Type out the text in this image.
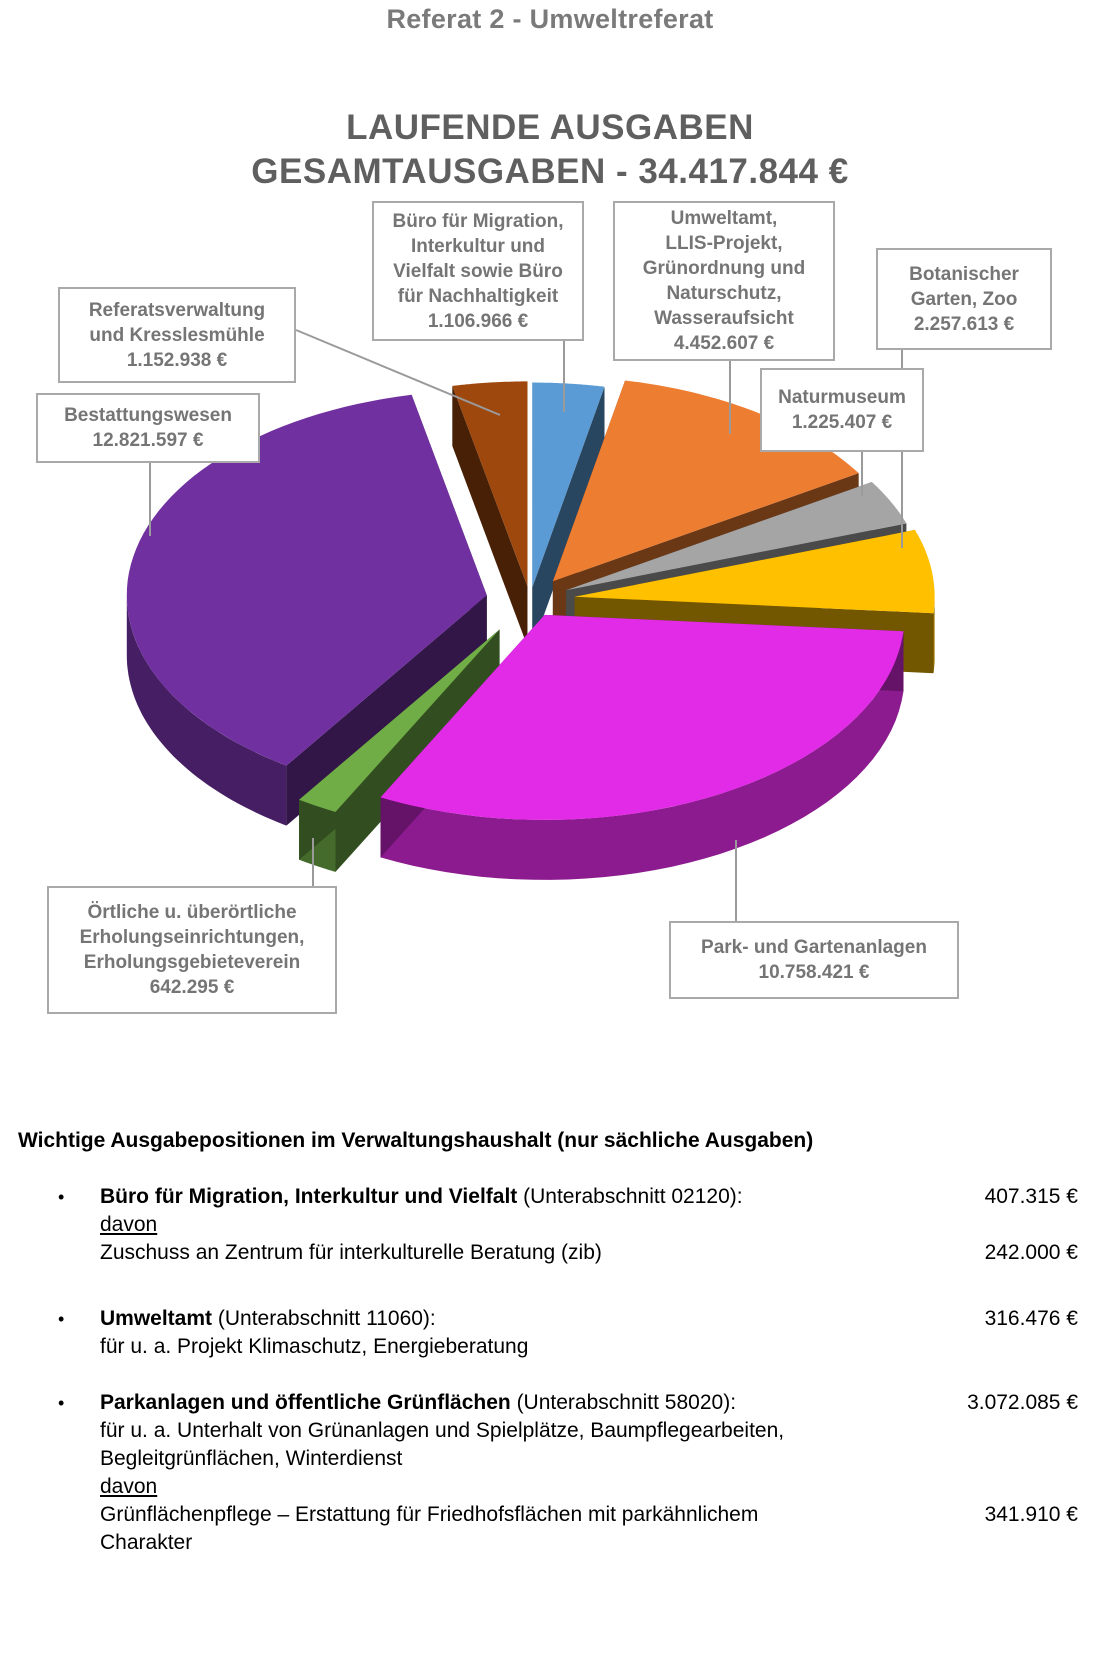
Referat 2 - Umweltreferat
LAUFENDE AUSGABEN
GESAMTAUSGABEN - 34.417.844 €
Büro für Migration,
Interkultur und
Vielfalt sowie Büro
für Nachhaltigkeit
1.106.966 €
Umweltamt,
LLIS-Projekt,
Grünordnung und
Naturschutz,
Wasseraufsicht
4.452.607 €
Naturmuseum
1.225.407 €
Botanischer
Garten, Zoo
2.257.613 €
Park- und Gartenanlagen
10.758.421 €
Örtliche u. überörtliche
Erholungseinrichtungen,
Erholungsgebieteverein
642.295 €
Bestattungswesen
12.821.597 €
Referatsverwaltung
und Kresslesmühle
1.152.938 €
Wichtige Ausgabepositionen im Verwaltungshaushalt (nur sächliche Ausgaben)
• Büro für Migration, Interkultur und Vielfalt (Unterabschnitt 02120):
davon
Zuschuss an Zentrum für interkulturelle Beratung (zib)
407.315 €
242.000 €
• Umweltamt (Unterabschnitt 11060):
für u. a. Projekt Klimaschutz, Energieberatung
316.476 €
• Parkanlagen und öffentliche Grünflächen (Unterabschnitt 58020):
für u. a. Unterhalt von Grünanlagen und Spielplätze, Baumpflegearbeiten,
Begleitgrünflächen, Winterdienst
davon
Grünflächenpflege – Erstattung für Friedhofsflächen mit parkähnlichem
Charakter
3.072.085 €
341.910 €
